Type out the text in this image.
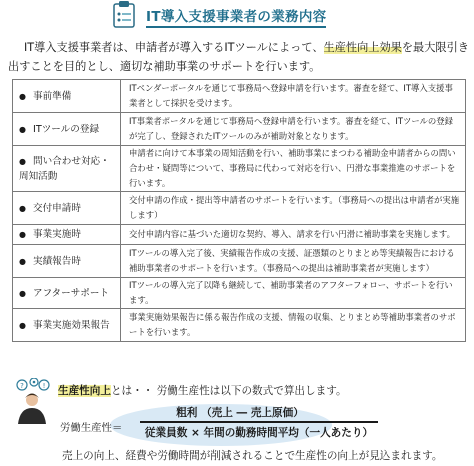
IT導入支援事業者の業務内容
IT導入支援事業者は、申請者が導入するITツールによって、生産性向上効果を最大限引き出すことを目的とし、適切な補助事業のサポートを行います。
● 事前準備	ITベンダーポータルを通じて事務局へ登録申請を行います。審査を経て、IT導入支援事業者として採択を受けます。
● ITツールの登録	IT事業者ポータルを通じて事務局へ登録申請を行います。審査を経て、ITツールの登録が完了し、登録されたITツールのみが補助対象となります。
● 問い合わせ対応・周知活動	申請者に向けて本事業の周知活動を行い、補助事業にまつわる補助金申請者からの問い合わせ・疑問等について、事務局に代わって対応を行い、円滑な事業推進のサポートを行います。
● 交付申請時	交付申請の作成・提出等申請者のサポートを行います。（事務局への提出は申請者が実施します）
● 事業実施時	交付申請内容に基づいた適切な契約、導入、請求を行い円滑に補助事業を実施します。
● 実績報告時	ITツールの導入完了後、実績報告作成の支援、証憑類のとりまとめ等実績報告における補助事業者のサポートを行います。（事務局への提出は補助事業者が実施します）
● アフターサポート	ITツールの導入完了以降も継続して、補助事業者のアフターフォロー、サポートを行います。
● 事業実施効果報告	事業実施効果報告に係る報告作成の支援、情報の収集、とりまとめ等補助事業者のサポートを行います。
?	! 生産性向上とは・・ 労働生産性は以下の数式で算出します。
労働生産性＝
粗利 （売上 ― 売上原価）
従業員数 × 年間の勤務時間平均（一人あたり）
売上の向上、経費や労働時間が削減されることで生産性の向上が見込まれます。
